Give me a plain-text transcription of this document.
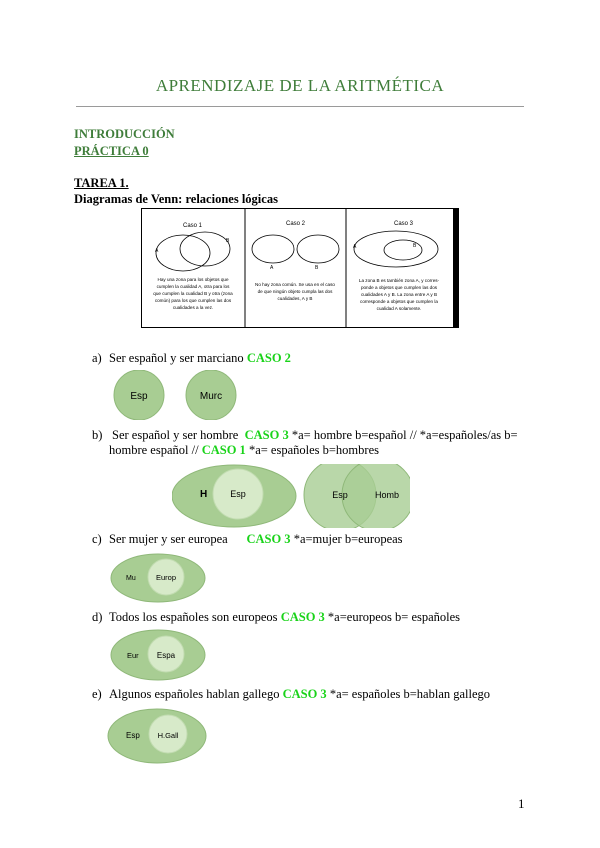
APRENDIZAJE DE LA ARITMÉTICA
INTRODUCCIÓN
PRÁCTICA 0
TAREA 1.
Diagramas de Venn: relaciones lógicas
Caso 1
A
B
Hay una zona para los objetos que
cumplen la cualidad A, otra para los
que cumplen la cualidad B y otra (zona
común) para los que cumplen las dos
cualidades a la vez.
Caso 2
A	B
No hay zona común. Se usa en el caso
de que ningún objeto cumpla las dos
cualidades, A y B
Caso 3
A	B
La zona B es también zona A, y corres-
ponde a objetos que cumplen las dos
cualidades A y B. La zona entre A y B
corresponde a objetos que cumplen la
cualidad A solamente.
a) Ser español y ser marciano CASO 2
Esp	Murc
b) Ser español y ser hombre CASO 3 *a= hombre b=español // *a=españoles/as b=
hombre español // CASO 1 *a= españoles b=hombres
H	Esp	Esp	Homb
c) Ser mujer y ser europea CASO 3 *a=mujer b=europeas
Mu	Europ
d) Todos los españoles son europeos CASO 3 *a=europeos b= españoles
Eur Espa
e) Algunos españoles hablan gallego CASO 3 *a= españoles b=hablan gallego
Esp H.Gall
1
